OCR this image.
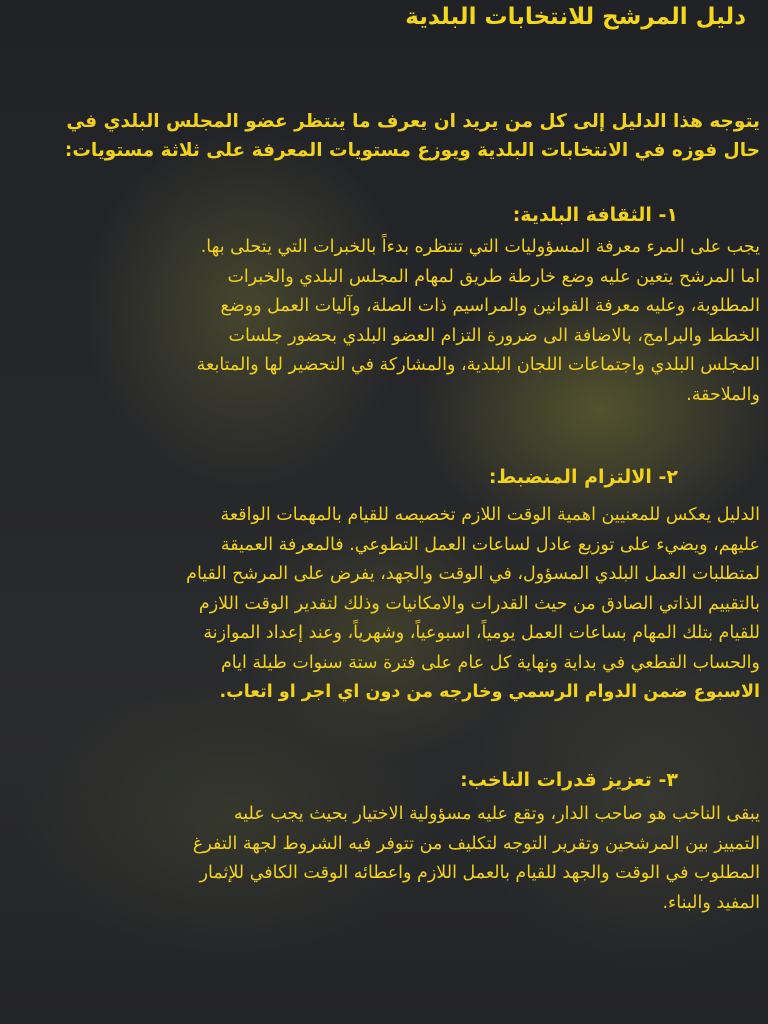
دليل المرشح للانتخابات البلدية

يتوجه هذا الدليل إلى كل من يريد ان يعرف ما ينتظر عضو المجلس البلدي في
حال فوزه في الانتخابات البلدية ويوزع مستويات المعرفة على ثلاثة مستويات:

١- الثقافة البلدية:

يجب على المرء معرفة المسؤوليات التي تنتظره بدءاً بالخبرات التي يتحلى بها.
اما المرشح يتعين عليه وضع خارطة طريق لمهام المجلس البلدي والخبرات
المطلوبة، وعليه معرفة القوانين والمراسيم ذات الصلة، وآليات العمل ووضع
الخطط والبرامج، بالاضافة الى ضرورة التزام العضو البلدي بحضور جلسات
المجلس البلدي واجتماعات اللجان البلدية، والمشاركة في التحضير لها والمتابعة
والملاحقة.

٢- الالتزام المنضبط:

الدليل يعكس للمعنيين اهمية الوقت اللازم تخصيصه للقيام بالمهمات الواقعة
عليهم، ويضيء على توزيع عادل لساعات العمل التطوعي. فالمعرفة العميقة
لمتطلبات العمل البلدي المسؤول، في الوقت والجهد، يفرض على المرشح القيام
بالتقييم الذاتي الصادق من حيث القدرات والامكانيات وذلك لتقدير الوقت اللازم
للقيام بتلك المهام بساعات العمل يومياً، اسبوعياً، وشهرياً، وعند إعداد الموازنة
والحساب القطعي في بداية ونهاية كل عام على فترة ستة سنوات طيلة ايام
الاسبوع ضمن الدوام الرسمي وخارجه من دون اي اجر او اتعاب.

٣- تعزيز قدرات الناخب:

يبقى الناخب هو صاحب الدار، وتقع عليه مسؤولية الاختيار بحيث يجب عليه
التمييز بين المرشحين وتقرير التوجه لتكليف من تتوفر فيه الشروط لجهة التفرغ
المطلوب في الوقت والجهد للقيام بالعمل اللازم واعطائه الوقت الكافي للإثمار
المفيد والبناء.
